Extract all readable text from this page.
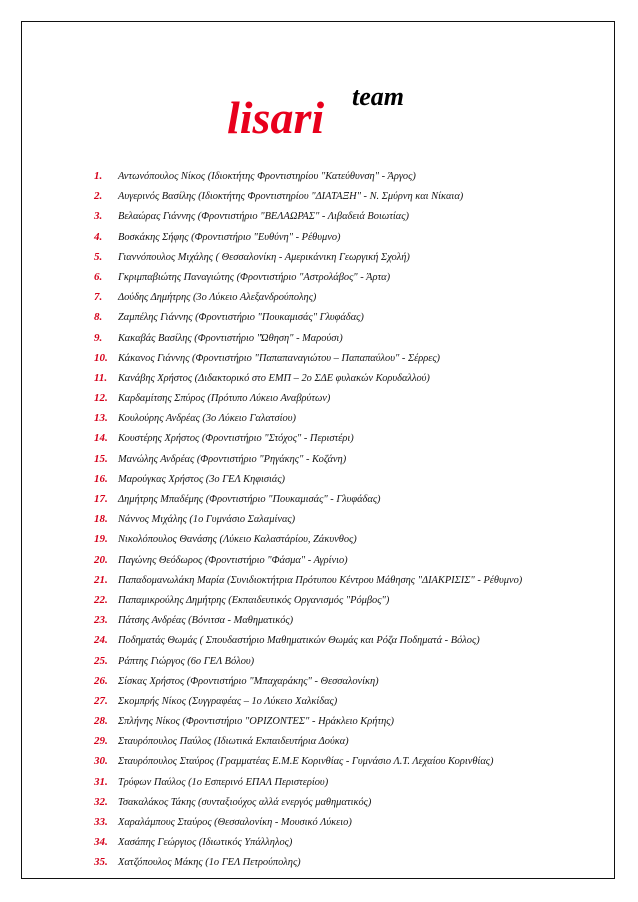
lisari team
1. Αντωνόπουλος Νίκος (Ιδιοκτήτης Φροντιστηρίου "Κατεύθυνση" - Άργος)
2. Αυγερινός Βασίλης (Ιδιοκτήτης Φροντιστηρίου "ΔΙΑΤΑΞΗ" - Ν. Σμύρνη και Νίκαια)
3. Βελαώρας Γιάννης (Φροντιστήριο "ΒΕΛΑΩΡΑΣ" - Λιβαδειά Βοιωτίας)
4. Βοσκάκης Σήφης (Φροντιστήριο "Ευθύνη" - Ρέθυμνο)
5. Γιαννόπουλος Μιχάλης ( Θεσσαλονίκη - Αμερικάνικη Γεωργική Σχολή)
6. Γκριμπαβιώτης Παναγιώτης (Φροντιστήριο "Αστρολάβος" - Άρτα)
7. Δούδης Δημήτρης (3ο Λύκειο Αλεξανδρούπολης)
8. Ζαμπέλης Γιάννης (Φροντιστήριο "Πουκαμισάς" Γλυφάδας)
9. Κακαβάς Βασίλης (Φροντιστήριο "Ώθηση" - Μαρούσι)
10. Κάκανος Γιάννης (Φροντιστήριο "Παπαπαναγιώτου – Παπαπαύλου" - Σέρρες)
11. Κανάβης Χρήστος (Διδακτορικό στο ΕΜΠ – 2ο ΣΔΕ φυλακών Κορυδαλλού)
12. Καρδαμίτσης Σπύρος (Πρότυπο Λύκειο Αναβρύτων)
13. Κουλούρης Ανδρέας (3ο Λύκειο Γαλατσίου)
14. Κουστέρης Χρήστος (Φροντιστήριο "Στόχος" - Περιστέρι)
15. Μανώλης Ανδρέας (Φροντιστήριο "Ρηγάκης" - Κοζάνη)
16. Μαρούγκας Χρήστος (3ο ΓΕΛ Κηφισιάς)
17. Δημήτρης Μπαδέμης (Φροντιστήριο "Πουκαμισάς" - Γλυφάδας)
18. Νάννος Μιχάλης (1ο Γυμνάσιο Σαλαμίνας)
19. Νικολόπουλος Θανάσης (Λύκειο Καλαστάρίου, Ζάκυνθος)
20. Παγώνης Θεόδωρος (Φροντιστήριο "Φάσμα" - Αγρίνιο)
21. Παπαδομανωλάκη Μαρία (Συνιδιοκτήτρια Πρότυπου Κέντρου Μάθησης "ΔΙΑΚΡΙΣΙΣ" - Ρέθυμνο)
22. Παπαμικρούλης Δημήτρης (Εκπαιδευτικός Οργανισμός "Ρόμβος")
23. Πάτσης Ανδρέας (Βόνιτσα - Μαθηματικός)
24. Ποδηματάς Θωμάς ( Σπουδαστήριο Μαθηματικών Θωμάς και Ρόζα Ποδηματά - Βόλος)
25. Ράπτης Γιώργος (6ο ΓΕΛ Βόλου)
26. Σίσκας Χρήστος (Φροντιστήριο "Μπαχαράκης" - Θεσσαλονίκη)
27. Σκομπρής Νίκος (Συγγραφέας – 1ο Λύκειο Χαλκίδας)
28. Σπλήνης Νίκος (Φροντιστήριο "ΟΡΙΖΟΝΤΕΣ" - Ηράκλειο Κρήτης)
29. Σταυρόπουλος Παύλος (Ιδιωτικά Εκπαιδευτήρια Δούκα)
30. Σταυρόπουλος Σταύρος (Γραμματέας Ε.Μ.Ε Κορινθίας - Γυμνάσιο Λ.Τ. Λεχαίου Κορινθίας)
31. Τρύφων Παύλος (1ο Εσπερινό ΕΠΑΛ Περιστερίου)
32. Τσακαλάκος Τάκης (συνταξιούχος αλλά ενεργός μαθηματικός)
33. Χαραλάμπους Σταύρος (Θεσσαλονίκη - Μουσικό Λύκειο)
34. Χασάπης Γεώργιος (Ιδιωτικός Υπάλληλος)
35. Χατζόπουλος Μάκης (1ο ΓΕΛ Πετρούπολης)
